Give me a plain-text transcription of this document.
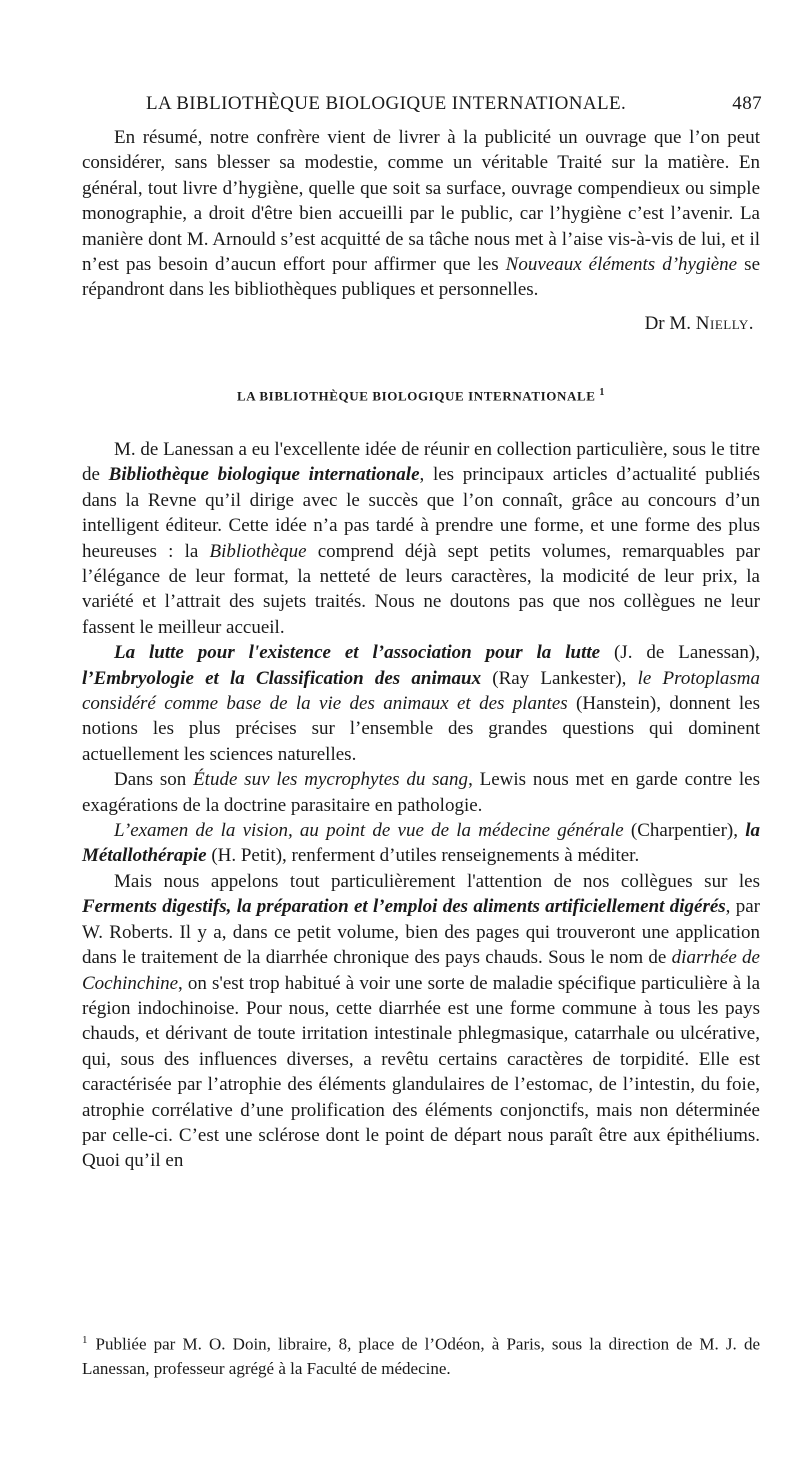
LA BIBLIOTHÈQUE BIOLOGIQUE INTERNATIONALE.	487

En résumé, notre confrère vient de livrer à la publicité un ouvrage que l’on peut considérer, sans blesser sa modestie, comme un véritable Traité sur la matière. En général, tout livre d’hygiène, quelle que soit sa surface, ouvrage compendieux ou simple monographie, a droit d'être bien accueilli par le public, car l’hygiène c’est l’avenir. La manière dont M. Arnould s’est acquitté de sa tâche nous met à l’aise vis-à-vis de lui, et il n’est pas besoin d’aucun effort pour affirmer que les Nouveaux éléments d’hygiène se répandront dans les bibliothèques publiques et personnelles.

Dr M. Nielly.
LA BIBLIOTHÈQUE BIOLOGIQUE INTERNATIONALE $^1$

M. de Lanessan a eu l'excellente idée de réunir en collection particulière, sous le titre de Bibliothèque biologique internationale, les principaux articles d’actualité publiés dans la Revne qu’il dirige avec le succès que l’on connaît, grâce au concours d’un intelligent éditeur. Cette idée n’a pas tardé à prendre une forme, et une forme des plus heureuses : la Bibliothèque comprend déjà sept petits volumes, remarquables par l’élégance de leur format, la netteté de leurs caractères, la modicité de leur prix, la variété et l’attrait des sujets traités. Nous ne doutons pas que nos collègues ne leur fassent le meilleur accueil.

La lutte pour l'existence et l’association pour la lutte (J. de Lanessan), l’Embryologie et la Classification des animaux (Ray Lankester), le Protoplasma considéré comme base de la vie des animaux et des plantes (Hanstein), donnent les notions les plus précises sur l’ensemble des grandes questions qui dominent actuellement les sciences naturelles.

Dans son Étude suv les mycrophytes du sang, Lewis nous met en garde contre les exagérations de la doctrine parasitaire en pathologie.

L’examen de la vision, au point de vue de la médecine générale (Charpentier), la Métallothérapie (H. Petit), renferment d’utiles renseignements à méditer.

Mais nous appelons tout particulièrement l'attention de nos collègues sur les Ferments digestifs, la préparation et l’emploi des aliments artificiellement digérés, par W. Roberts. Il y a, dans ce petit volume, bien des pages qui trouveront une application dans le traitement de la diarrhée chronique des pays chauds. Sous le nom de diarrhée de Cochinchine, on s'est trop habitué à voir une sorte de maladie spécifique particulière à la région indochinoise. Pour nous, cette diarrhée est une forme commune à tous les pays chauds, et dérivant de toute irritation intestinale phlegmasique, catarrhale ou ulcérative, qui, sous des influences diverses, a revêtu certains caractères de torpidité. Elle est caractérisée par l’atrophie des éléments glandulaires de l’estomac, de l’intestin, du foie, atrophie corrélative d’une prolification des éléments conjonctifs, mais non déterminée par celle-ci. C’est une sclérose dont le point de départ nous paraît être aux épithéliums. Quoi qu’il en

$^1$ Publiée par M. O. Doin, libraire, 8, place de l’Odéon, à Paris, sous la direction de M. J. de Lanessan, professeur agrégé à la Faculté de médecine.
